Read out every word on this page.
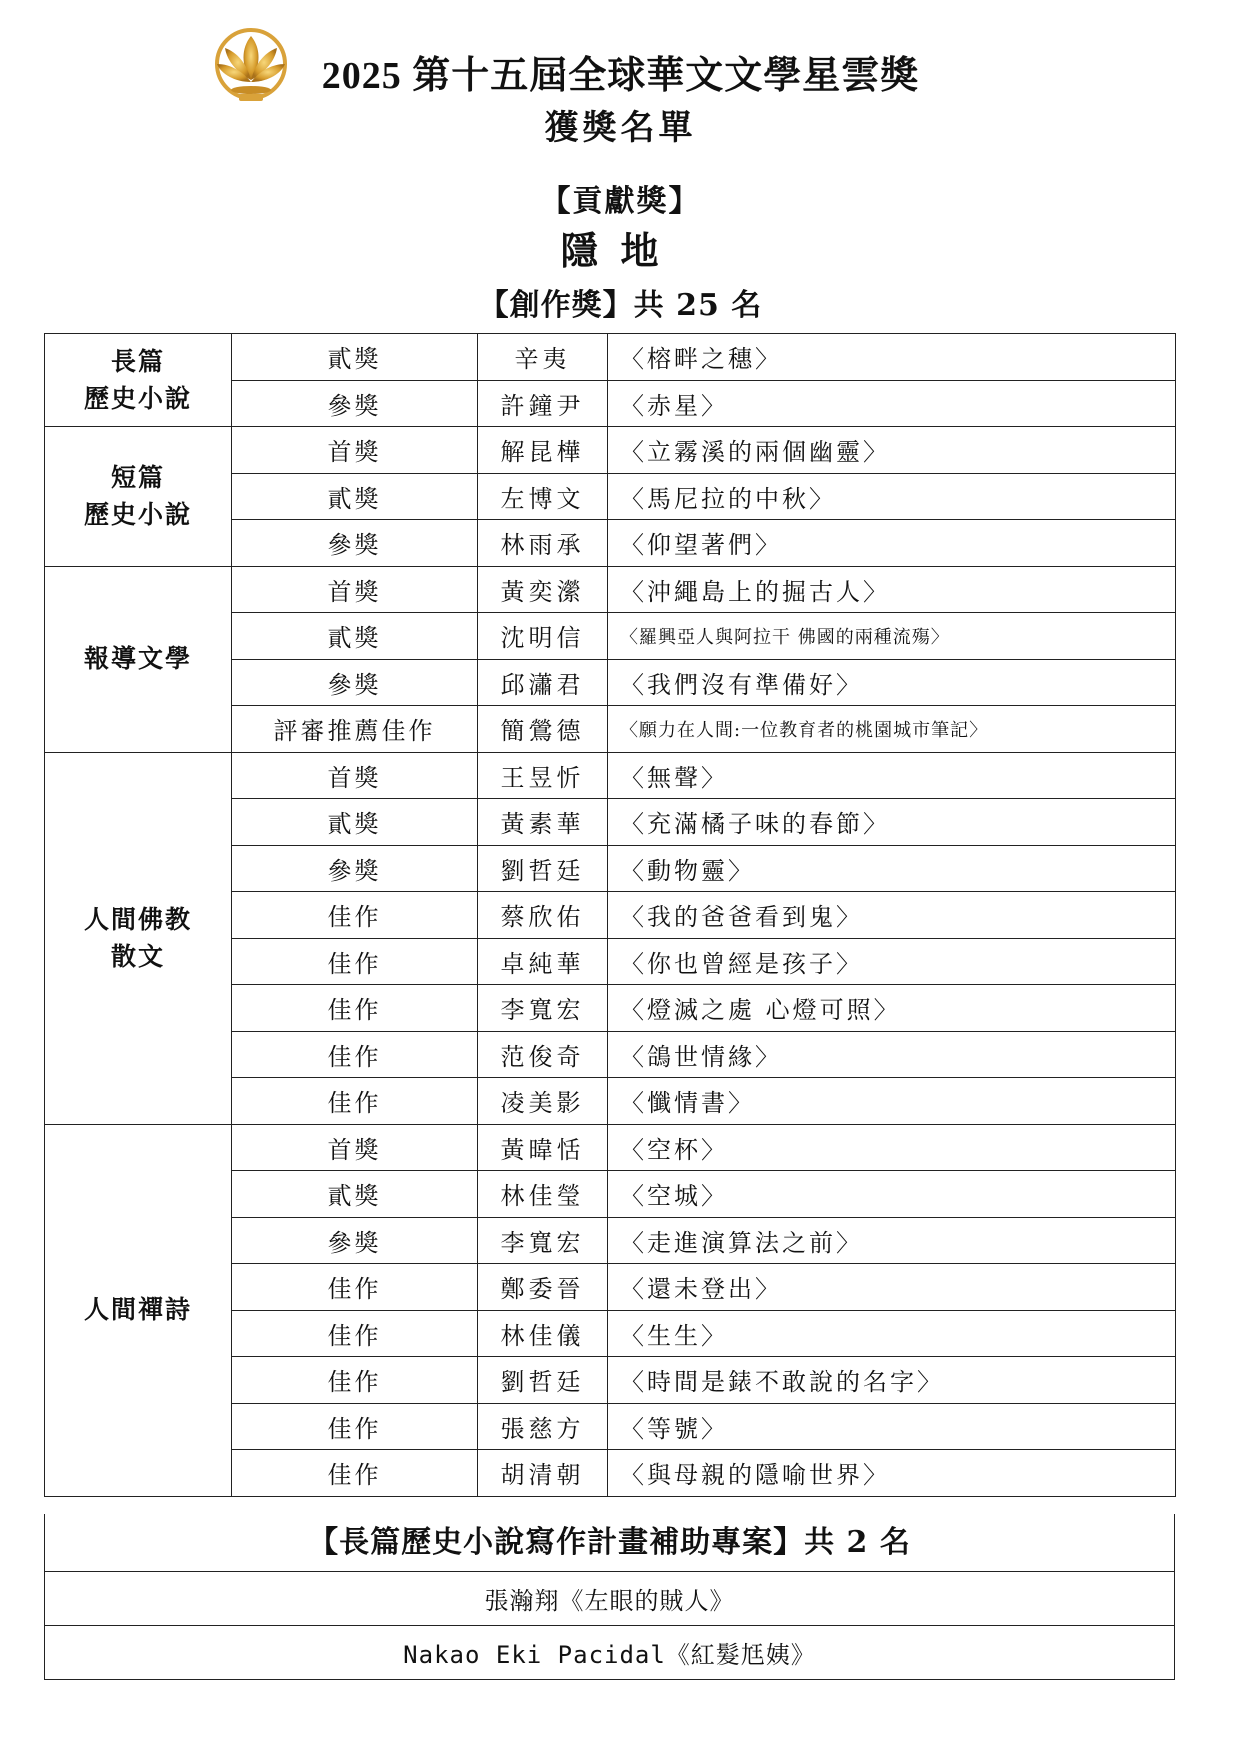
2025 第十五屆全球華文文學星雲獎
獲獎名單
【貢獻獎】
隱地
【創作獎】共 25 名
長篇
歷史小說	貳獎	辛夷	〈榕畔之穗〉
	參獎	許鐘尹	〈赤星〉
短篇
歷史小說	首獎	解昆樺	〈立霧溪的兩個幽靈〉
	貳獎	左博文	〈馬尼拉的中秋〉
	參獎	林雨承	〈仰望著們〉
報導文學	首獎	黃奕瀠	〈沖繩島上的掘古人〉
	貳獎	沈明信	〈羅興亞人與阿拉干 佛國的兩種流殤〉
	參獎	邱瀟君	〈我們沒有準備好〉
	評審推薦佳作	簡鶯德	〈願力在人間:一位教育者的桃園城市筆記〉
人間佛教
散文	首獎	王昱忻	〈無聲〉
	貳獎	黃素華	〈充滿橘子味的春節〉
	參獎	劉哲廷	〈動物靈〉
	佳作	蔡欣佑	〈我的爸爸看到鬼〉
	佳作	卓純華	〈你也曾經是孩子〉
	佳作	李寬宏	〈燈滅之處 心燈可照〉
	佳作	范俊奇	〈鴿世情緣〉
	佳作	凌美影	〈懺情書〉
人間禪詩	首獎	黃暐恬	〈空杯〉
	貳獎	林佳瑩	〈空城〉
	參獎	李寬宏	〈走進演算法之前〉
	佳作	鄭委晉	〈還未登出〉
	佳作	林佳儀	〈生生〉
	佳作	劉哲廷	〈時間是錶不敢說的名字〉
	佳作	張慈方	〈等號〉
	佳作	胡清朝	〈與母親的隱喻世界〉
【長篇歷史小說寫作計畫補助專案】共 2 名
張瀚翔《左眼的賊人》
Nakao Eki Pacidal《紅髮尪姨》
